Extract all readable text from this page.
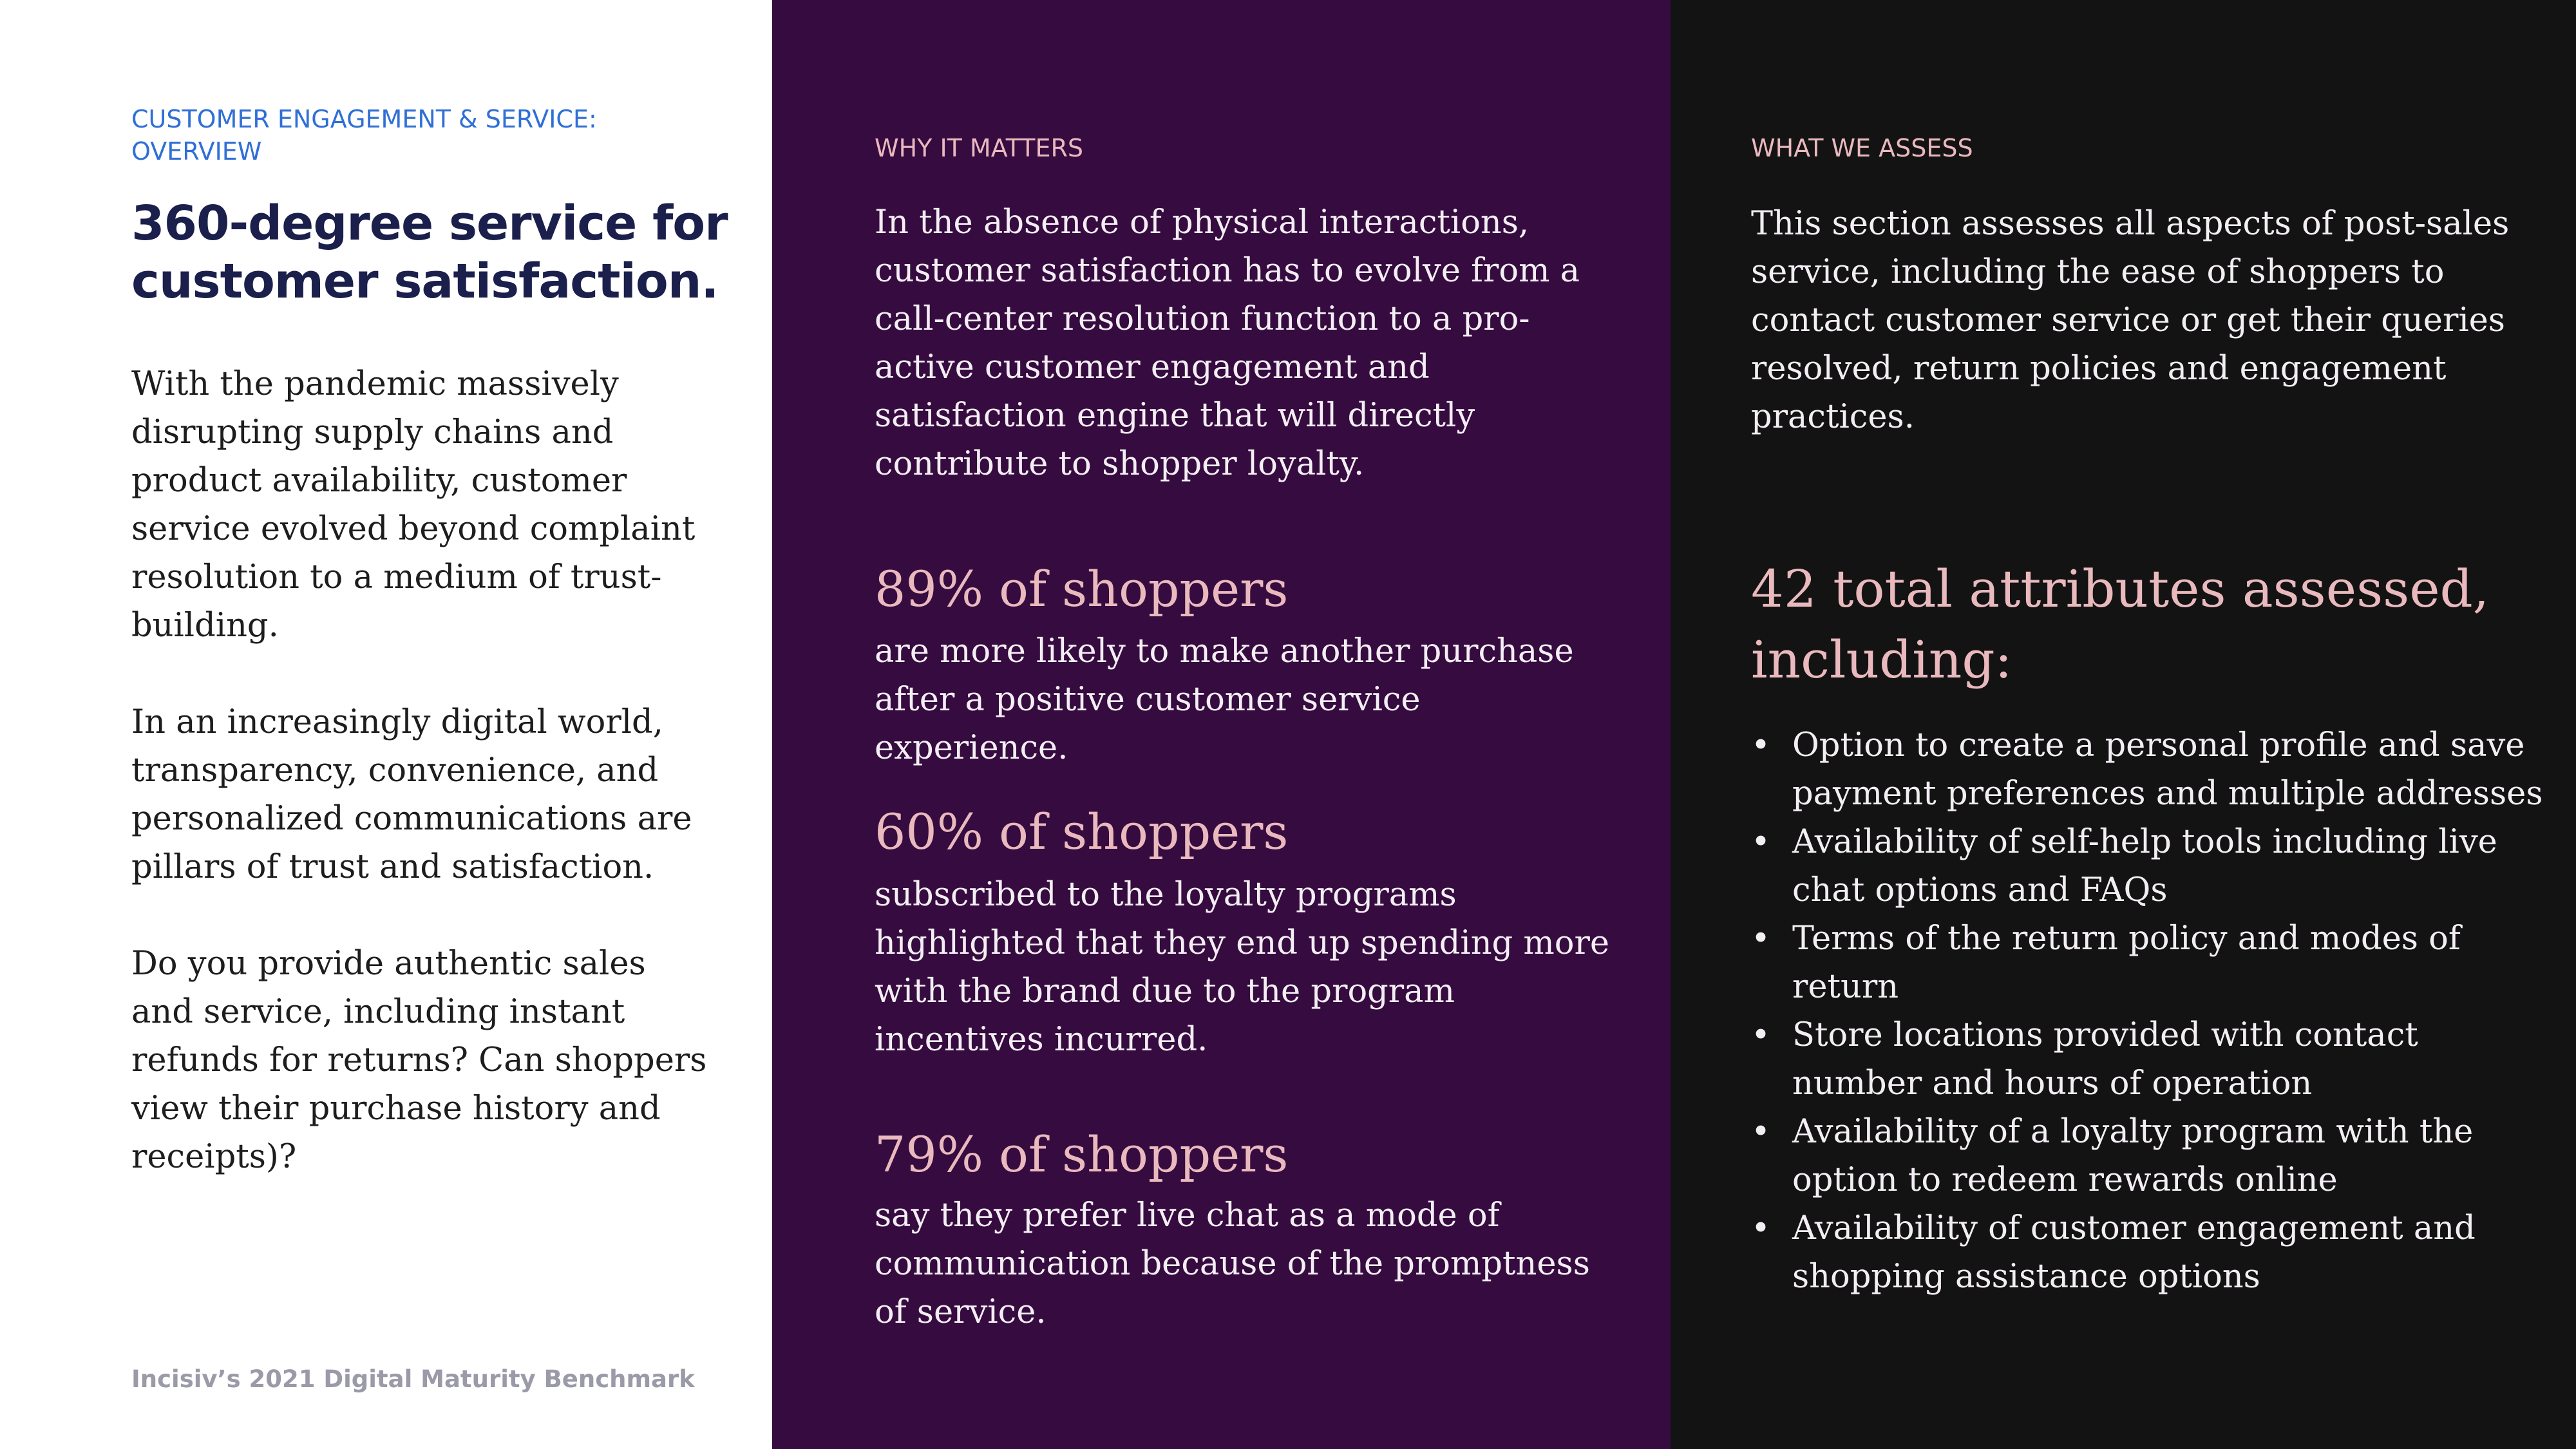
CUSTOMER ENGAGEMENT & SERVICE: OVERVIEW

360-degree service for customer satisfaction.

With the pandemic massively disrupting supply chains and product availability, customer service evolved beyond complaint resolution to a medium of trust-building.

In an increasingly digital world, transparency, convenience, and personalized communications are pillars of trust and satisfaction.

Do you provide authentic sales and service, including instant refunds for returns? Can shoppers view their purchase history and receipts)?

Incisiv’s 2021 Digital Maturity Benchmark

WHY IT MATTERS

In the absence of physical interactions, customer satisfaction has to evolve from a call-center resolution function to a pro-active customer engagement and satisfaction engine that will directly contribute to shopper loyalty.

89% of shoppers

are more likely to make another purchase after a positive customer service experience.

60% of shoppers

subscribed to the loyalty programs highlighted that they end up spending more with the brand due to the program incentives incurred.

79% of shoppers

say they prefer live chat as a mode of communication because of the promptness of service.

WHAT WE ASSESS

This section assesses all aspects of post-sales service, including the ease of shoppers to contact customer service or get their queries resolved, return policies and engagement practices.

42 total attributes assessed, including:
• Option to create a personal profile and save payment preferences and multiple addresses
• Availability of self-help tools including live chat options and FAQs
• Terms of the return policy and modes of return
• Store locations provided with contact number and hours of operation
• Availability of a loyalty program with the option to redeem rewards online
• Availability of customer engagement and shopping assistance options
